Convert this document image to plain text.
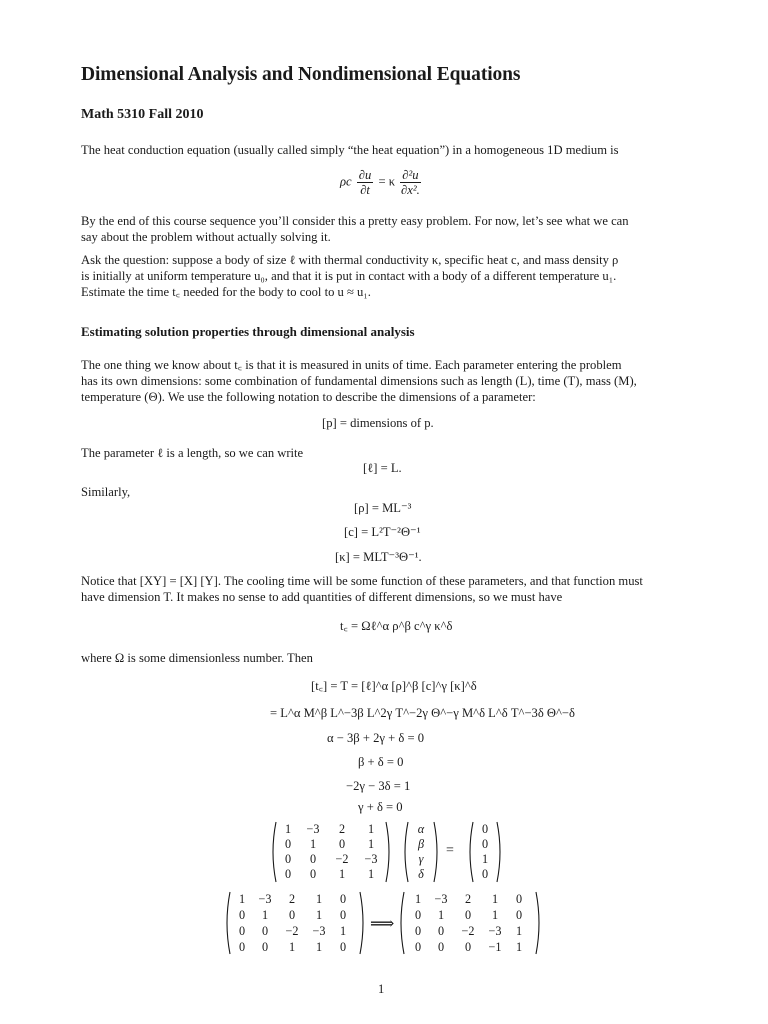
Dimensional Analysis and Nondimensional Equations
Math 5310 Fall 2010
The heat conduction equation (usually called simply “the heat equation”) in a homogeneous 1D medium is
ρc $\frac{\partial u}{\partial t} = \kappa \frac{\text{∂²u}}{\text{∂x².}}$
By the end of this course sequence you’ll consider this a pretty easy problem. For now, let’s see what we can
say about the problem without actually solving it.
Ask the question: suppose a body of size ℓ with thermal conductivity κ, specific heat c, and mass density ρ
is initially at uniform temperature u₀, and that it is put in contact with a body of a different temperature u₁.
Estimate the time t꜀ needed for the body to cool to u ≈ u₁.
Estimating solution properties through dimensional analysis
The one thing we know about t꜀ is that it is measured in units of time. Each parameter entering the problem
has its own dimensions: some combination of fundamental dimensions such as length (L), time (T), mass (M),
temperature (Θ). We use the following notation to describe the dimensions of a parameter:
[p] = dimensions of p.
The parameter ℓ is a length, so we can write
[ℓ] = L.
Similarly,
[ρ] = ML⁻³
[c] = L²T⁻²Θ⁻¹
[κ] = MLT⁻³Θ⁻¹.
Notice that [XY] = [X] [Y]. The cooling time will be some function of these parameters, and that function must
have dimension T. It makes no sense to add quantities of different dimensions, so we must have
t꜀ = Ωℓ^α ρ^β c^γ κ^δ
where Ω is some dimensionless number. Then
[t꜀] = T = [ℓ]^α [ρ]^β [c]^γ [κ]^δ
= L^α M^β L^−3β L^2γ T^−2γ Θ^−γ M^δ L^δ T^−3δ Θ^−δ
α − 3β + 2γ + δ = 0
β + δ = 0
−2γ − 3δ = 1
γ + δ = 0
1	−3	2	1
0	1	0	1
0	0	−2	−3
0	0	1	1
α
β
γ
δ
=
0
0
1
0
⟹
1	−3	2	1	0
0	1	0	1	0
0	0	−2	−3	1
0	0	1	1	0
1	−3	2	1	0
0	1	0	1	0
0	0	−2	−3	1
0	0	0	−1	1
1
